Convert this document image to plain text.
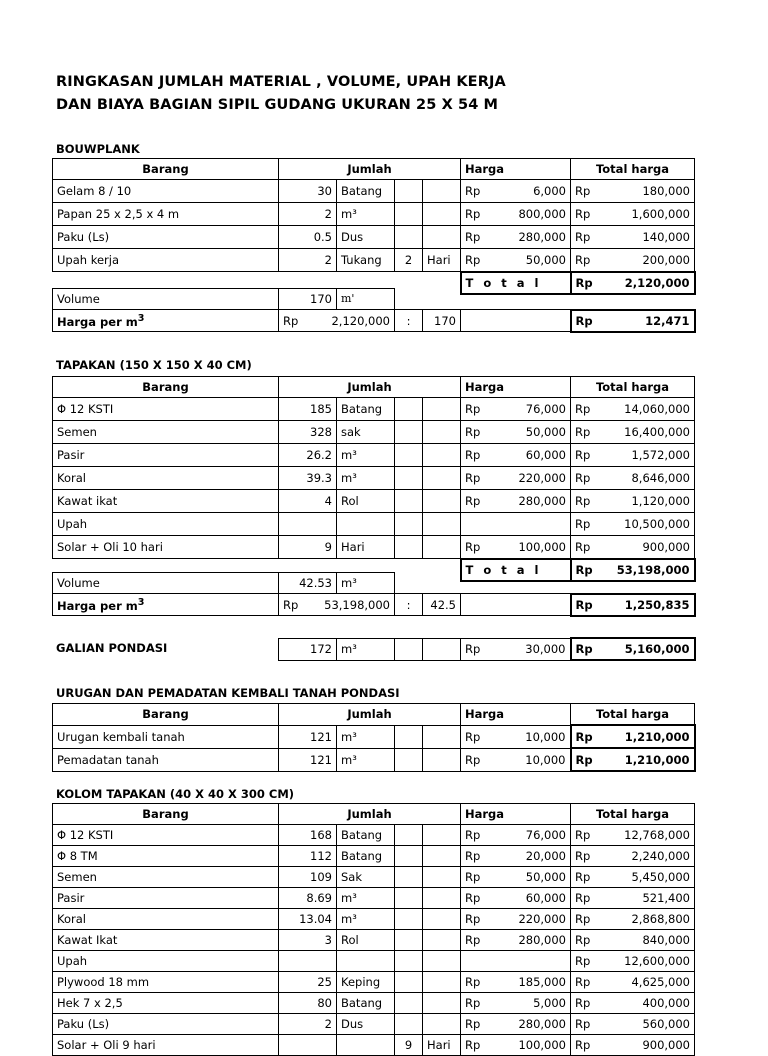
RINGKASAN JUMLAH MATERIAL , VOLUME, UPAH KERJA
DAN BIAYA BAGIAN SIPIL GUDANG UKURAN 25 X 54 M
BOUWPLANK
Barang	Jumlah				Harga	Total harga
Gelam 8 / 10	30	Batang			Rp 6,000	Rp 180,000

Papan 25 x 2,5 x 4 m	2	m³			Rp 800,000	Rp 1,600,000

Paku (Ls)	0.5	Dus			Rp 280,000	Rp 140,000

Upah kerja	2	Tukang	2	Hari	Rp 50,000	Rp 200,000

					T o t a l	Rp 2,120,000
Volume	170	m'				
Harga per $m^3$	Rp 2,120,000		:	170		Rp 12,471
TAPAKAN (150 X 150 X 40 CM)
Barang	Jumlah				Harga	Total harga
Φ 12 KSTI	185	Batang			Rp 76,000	Rp 14,060,000

Semen	328	sak			Rp 50,000	Rp 16,400,000

Pasir	26.2	m³			Rp 60,000	Rp 1,572,000

Koral	39.3	m³			Rp 220,000	Rp 8,646,000

Kawat ikat	4	Rol			Rp 280,000	Rp 1,120,000

Upah						Rp 10,500,000

Solar + Oli 10 hari	9	Hari			Rp 100,000	Rp 900,000

					T o t a l	Rp 53,198,000
Volume	42.53	m³				
Harga per $m^3$	Rp 53,198,000		:	42.5		Rp 1,250,835
GALIAN PONDASI	172	m³			Rp	30,000	Rp	5,160,000
URUGAN DAN PEMADATAN KEMBALI TANAH PONDASI
Barang	Jumlah				Harga	Total harga
Urugan kembali tanah	121	m³			Rp 10,000	Rp 1,210,000

Pemadatan tanah	121	m³			Rp 10,000	Rp 1,210,000
KOLOM TAPAKAN (40 X 40 X 300 CM)
Barang	Jumlah				Harga	Total harga
Φ 12 KSTI	168	Batang			Rp 76,000	Rp 12,768,000

Φ 8 TM	112	Batang			Rp 20,000	Rp 2,240,000

Semen	109	Sak			Rp 50,000	Rp 5,450,000

Pasir	8.69	m³			Rp 60,000	Rp 521,400

Koral	13.04	m³			Rp 220,000	Rp 2,868,800

Kawat Ikat	3	Rol			Rp 280,000	Rp 840,000

Upah						Rp 12,600,000

Plywood 18 mm	25	Keping			Rp 185,000	Rp 4,625,000

Hek 7 x 2,5	80	Batang			Rp 5,000	Rp 400,000

Paku (Ls)	2	Dus			Rp 280,000	Rp 560,000

Solar + Oli 9 hari			9	Hari	Rp 100,000	Rp 900,000
